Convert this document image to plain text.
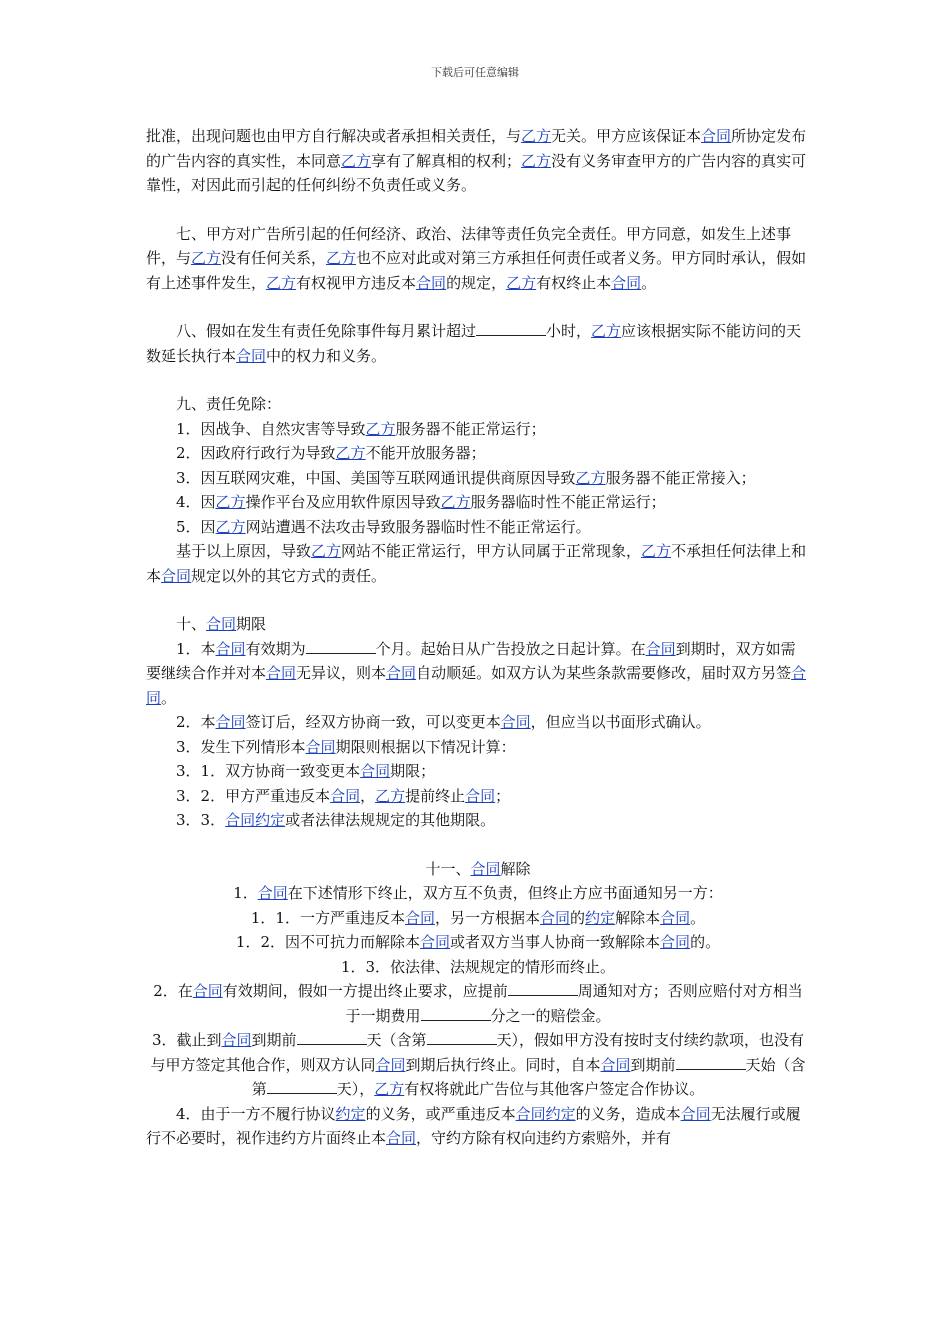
下载后可任意编辑

批准，出现问题也由甲方自行解决或者承担相关责任，与乙方无关。甲方应该保证本合同所协定发布的广告内容的真实性，本同意乙方享有了解真相的权利；乙方没有义务审查甲方的广告内容的真实可靠性，对因此而引起的任何纠纷不负责任或义务。

七、甲方对广告所引起的任何经济、政治、法律等责任负完全责任。甲方同意，如发生上述事件，与乙方没有任何关系，乙方也不应对此或对第三方承担任何责任或者义务。甲方同时承认，假如有上述事件发生，乙方有权视甲方违反本合同的规定，乙方有权终止本合同。

八、假如在发生有责任免除事件每月累计超过	小时，乙方应该根据实际不能访问的天数延长执行本合同中的权力和义务。

九、责任免除：

1．因战争、自然灾害等导致乙方服务器不能正常运行；

2．因政府行政行为导致乙方不能开放服务器；

3．因互联网灾难，中国、美国等互联网通讯提供商原因导致乙方服务器不能正常接入；

4．因乙方操作平台及应用软件原因导致乙方服务器临时性不能正常运行；

5．因乙方网站遭遇不法攻击导致服务器临时性不能正常运行。

基于以上原因，导致乙方网站不能正常运行，甲方认同属于正常现象，乙方不承担任何法律上和本合同规定以外的其它方式的责任。

十、合同期限

1．本合同有效期为	个月。起始日从广告投放之日起计算。在合同到期时，双方如需要继续合作并对本合同无异议，则本合同自动顺延。如双方认为某些条款需要修改，届时双方另签合同。

2．本合同签订后，经双方协商一致，可以变更本合同，但应当以书面形式确认。

3．发生下列情形本合同期限则根据以下情况计算：

3．1．双方协商一致变更本合同期限；

3．2．甲方严重违反本合同，乙方提前终止合同；

3．3．合同约定或者法律法规规定的其他期限。

十一、合同解除

1．合同在下述情形下终止，双方互不负责，但终止方应书面通知另一方：

1．1．一方严重违反本合同，另一方根据本合同的约定解除本合同。

1．2．因不可抗力而解除本合同或者双方当事人协商一致解除本合同的。

1．3．依法律、法规规定的情形而终止。

2．在合同有效期间，假如一方提出终止要求，应提前	周通知对方；否则应赔付对方相当于一期费用	分之一的赔偿金。

3．截止到合同到期前	天（含第	天），假如甲方没有按时支付续约款项，也没有与甲方签定其他合作，则双方认同合同到期后执行终止。同时，自本合同到期前	天始（含第	天），乙方有权将就此广告位与其他客户签定合作协议。

4．由于一方不履行协议约定的义务，或严重违反本合同约定的义务，造成本合同无法履行或履行不必要时，视作违约方片面终止本合同，守约方除有权向违约方索赔外，并有
